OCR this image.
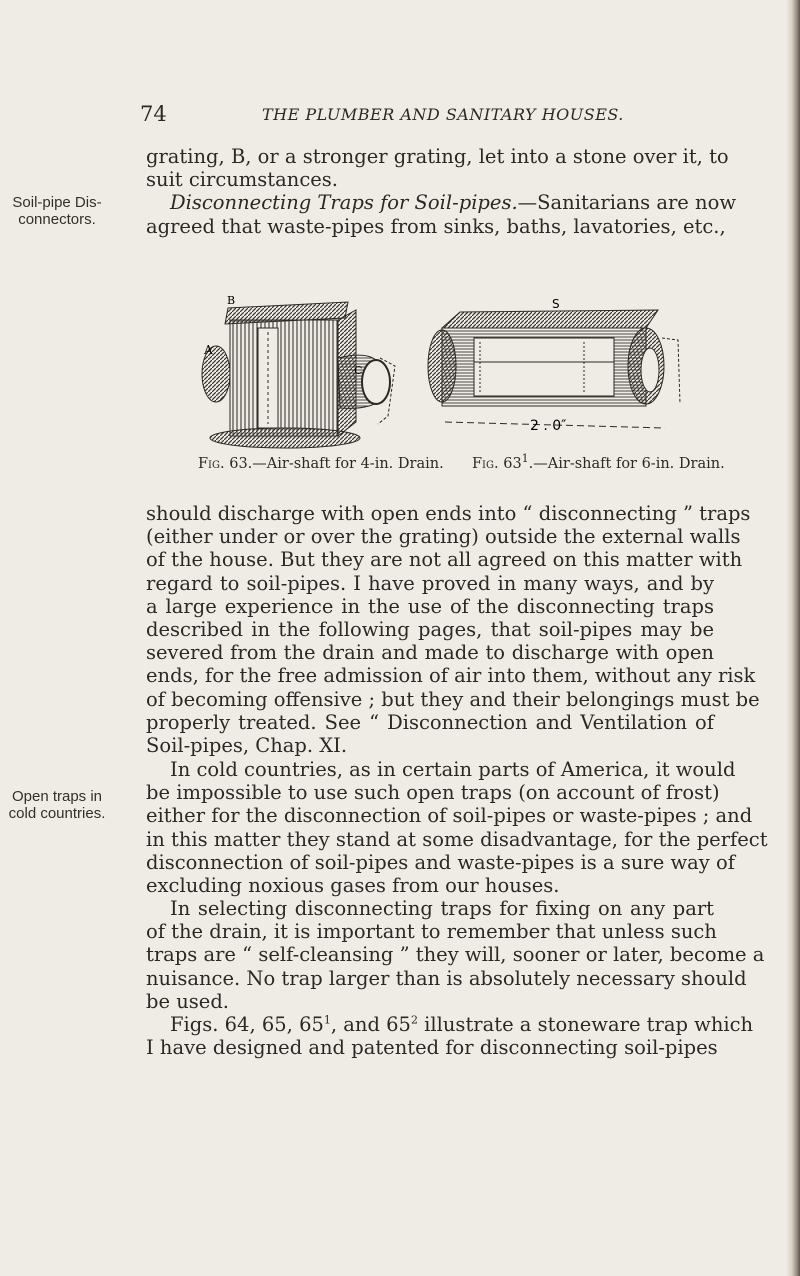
74	THE PLUMBER AND SANITARY HOUSES.
grating, B, or a stronger grating, let into a stone over it, to
suit circumstances.
Disconnecting Traps for Soil-pipes.—Sanitarians are now
agreed that waste-pipes from sinks, baths, lavatories, etc.,
Soil-pipe Dis-
connectors.
B
A
C
S
2 . 0″
Fig. 63.—Air-shaft for 4-in. Drain. Fig. $63^1.—Air$-shaft for 6-in. Drain.
should discharge with open ends into “ disconnecting ” traps
(either under or over the grating) outside the external walls
of the house. But they are not all agreed on this matter with
regard to soil-pipes. I have proved in many ways, and by
a large experience in the use of the disconnecting traps
described in the following pages, that soil-pipes may be
severed from the drain and made to discharge with open
ends, for the free admission of air into them, without any risk
of becoming offensive ; but they and their belongings must be
properly treated. See “ Disconnection and Ventilation of
Soil-pipes, Chap. XI.
Open traps in
cold countries.
In cold countries, as in certain parts of America, it would
be impossible to use such open traps (on account of frost)
either for the disconnection of soil-pipes or waste-pipes ; and
in this matter they stand at some disadvantage, for the perfect
disconnection of soil-pipes and waste-pipes is a sure way of
excluding noxious gases from our houses.
In selecting disconnecting traps for fixing on any part
of the drain, it is important to remember that unless such
traps are “ self-cleansing ” they will, sooner or later, become a
nuisance. No trap larger than is absolutely necessary should
be used.
Figs. 64, 65, $65^1$, and $65^2$ illustrate a stoneware trap which
I have designed and patented for disconnecting soil-pipes
